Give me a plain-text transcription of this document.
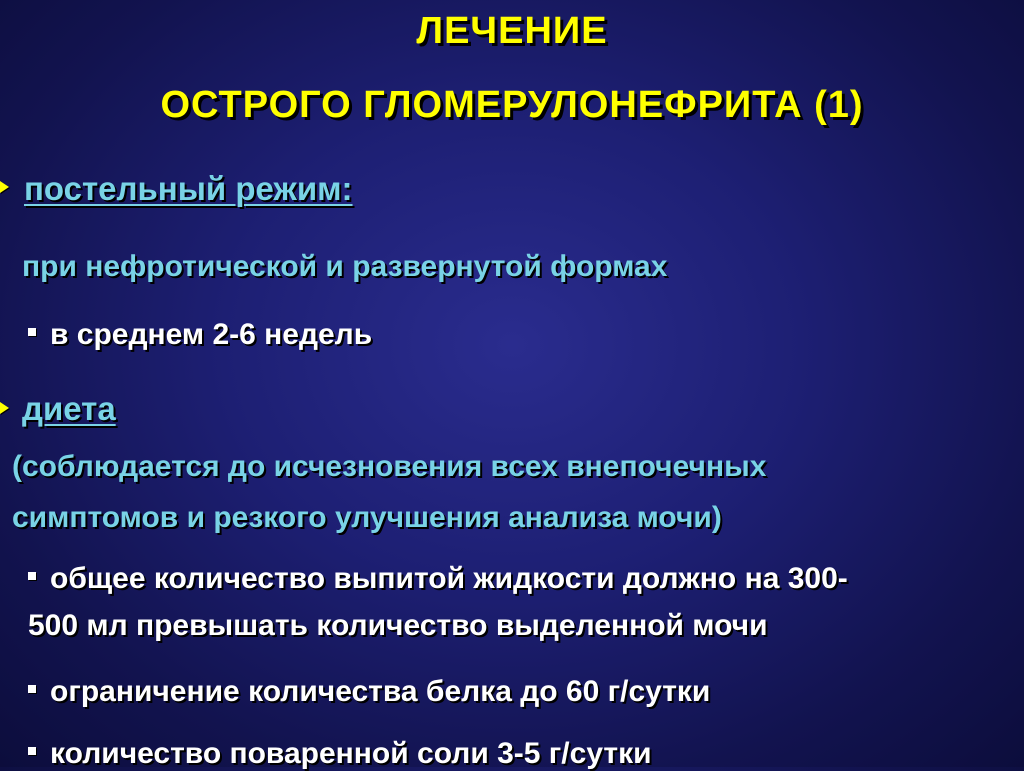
ЛЕЧЕНИЕ
ОСТРОГО ГЛОМЕРУЛОНЕФРИТА (1)
постельный режим:
при нефротической и развернутой формах
в среднем 2-6 недель
диета
(соблюдается до исчезновения всех внепочечных
симптомов и резкого улучшения анализа мочи)
общее количество выпитой жидкости должно на 300-
500 мл превышать количество выделенной мочи
ограничение количества белка до 60 г/сутки
количество поваренной соли 3-5 г/сутки
